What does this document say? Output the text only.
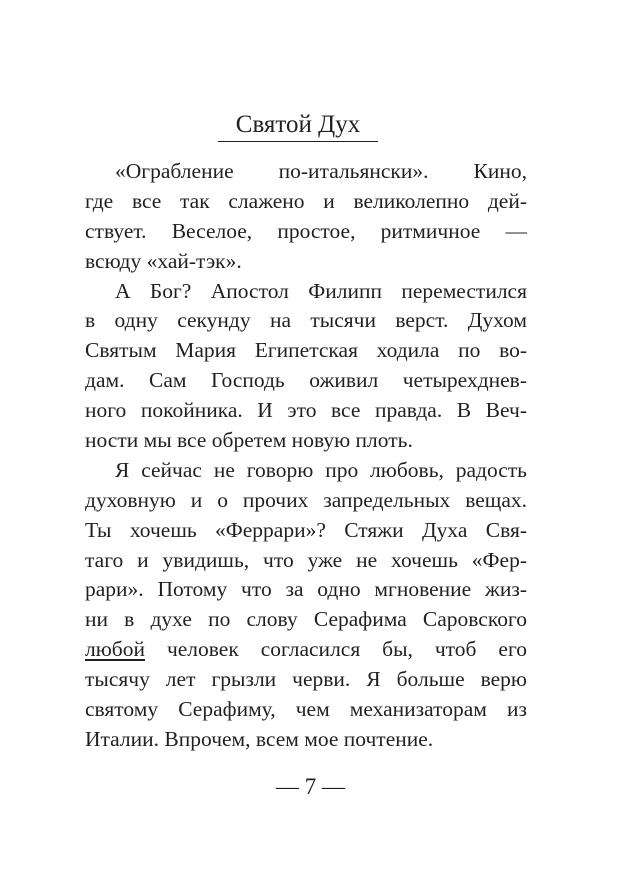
Святой Дух
«Ограбление по-итальянски». Кино,
где все так слажено и великолепно дей-
ствует. Веселое, простое, ритмичное —
всюду «хай-тэк».
А Бог? Апостол Филипп переместился
в одну секунду на тысячи верст. Духом
Святым Мария Египетская ходила по во-
дам. Сам Господь оживил четырехднев-
ного покойника. И это все правда. В Веч-
ности мы все обретем новую плоть.
Я сейчас не говорю про любовь, радость
духовную и о прочих запредельных вещах.
Ты хочешь «Феррари»? Стяжи Духа Свя-
таго и увидишь, что уже не хочешь «Фер-
рари». Потому что за одно мгновение жиз-
ни в духе по слову Серафима Саровского
любой человек согласился бы, чтоб его
тысячу лет грызли черви. Я больше верю
святому Серафиму, чем механизаторам из
Италии. Впрочем, всем мое почтение.
— 7 —
